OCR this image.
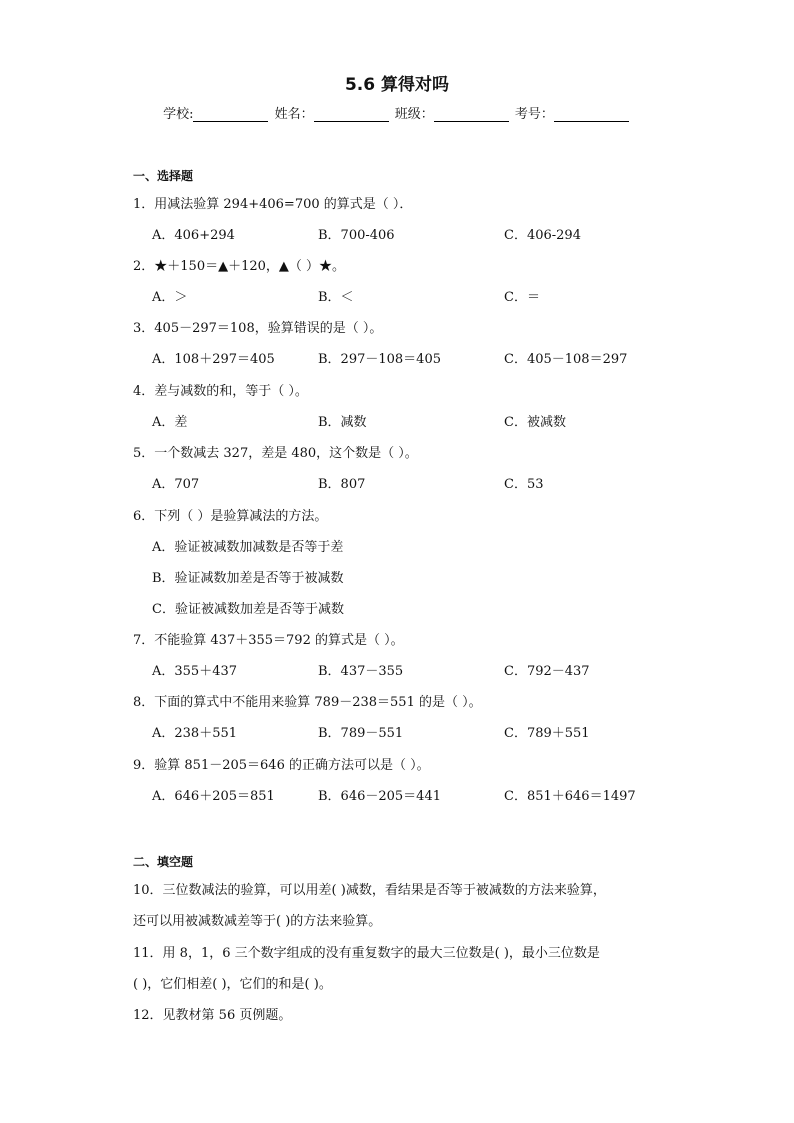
5.6 算得对吗
学校:	姓名：	班级：	考号：
一、选择题
1．用减法验算 294+406=700 的算式是（ ）．
A．406+294	B．700-406	C．406-294
2．★＋150＝▲＋120，▲（ ）★。
A．＞	B．＜	C．＝
3．405－297＝108，验算错误的是（ ）。
A．108＋297＝405	B．297－108＝405	C．405－108＝297
4．差与减数的和，等于（ ）。
A．差	B．减数	C．被减数
5．一个数减去 327，差是 480，这个数是（ ）。
A．707	B．807	C．53
6．下列（ ）是验算减法的方法。
A．验证被减数加减数是否等于差
B．验证减数加差是否等于被减数
C．验证被减数加差是否等于减数
7．不能验算 437＋355＝792 的算式是（ ）。
A．355＋437	B．437－355	C．792－437
8．下面的算式中不能用来验算 789－238＝551 的是（ ）。
A．238＋551	B．789－551	C．789＋551
9．验算 851－205＝646 的正确方法可以是（ ）。
A．646＋205＝851	B．646－205＝441	C．851＋646＝1497
二、填空题
10．三位数减法的验算，可以用差( )减数，看结果是否等于被减数的方法来验算，
还可以用被减数减差等于( )的方法来验算。
11．用 8，1，6 三个数字组成的没有重复数字的最大三位数是( )，最小三位数是
( )，它们相差( )，它们的和是( )。
12．见教材第 56 页例题。
